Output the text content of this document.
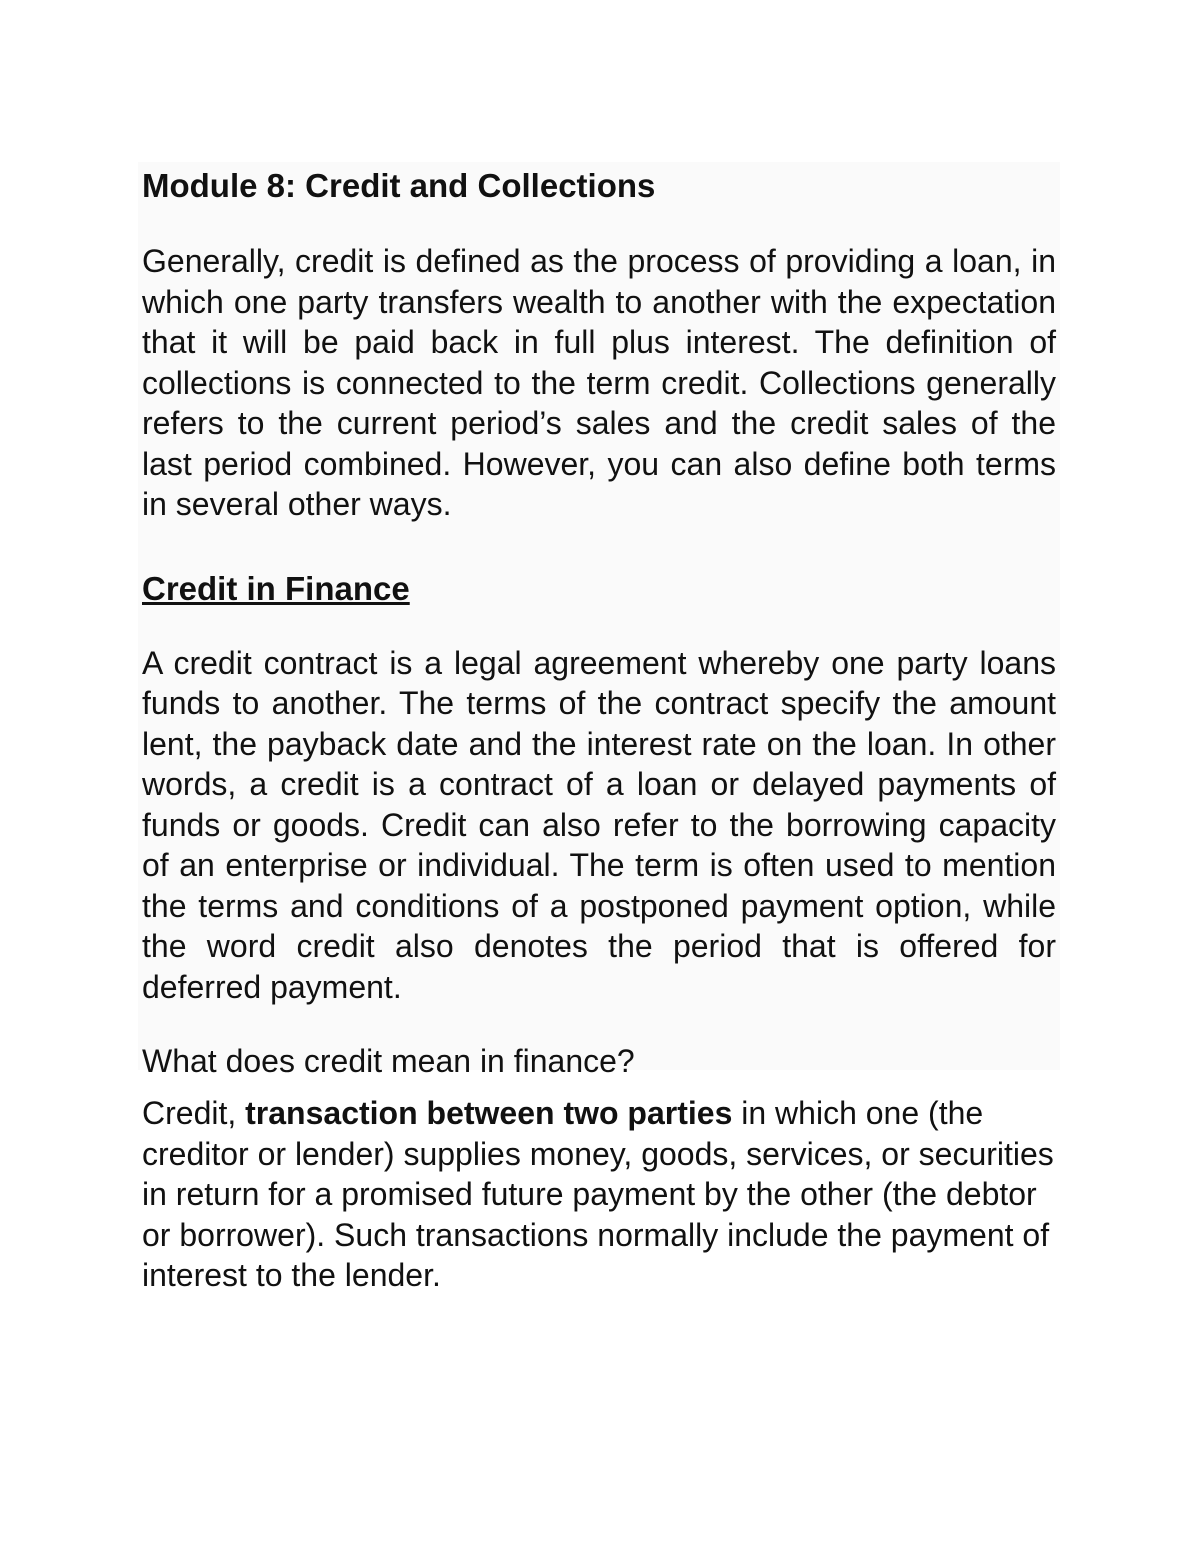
Module 8: Credit and Collections

Generally, credit is defined as the process of providing a loan, in which one party transfers wealth to another with the expectation that it will be paid back in full plus interest. The definition of collections is connected to the term credit. Collections generally refers to the current period’s sales and the credit sales of the last period combined. However, you can also define both terms in several other ways.

Credit in Finance

A credit contract is a legal agreement whereby one party loans funds to another. The terms of the contract specify the amount lent, the payback date and the interest rate on the loan. In other words, a credit is a contract of a loan or delayed payments of funds or goods. Credit can also refer to the borrowing capacity of an enterprise or individual. The term is often used to mention the terms and conditions of a postponed payment option, while the word credit also denotes the period that is offered for deferred payment.

What does credit mean in finance?

Credit, transaction between two parties in which one (the creditor or lender) supplies money, goods, services, or securities in return for a promised future payment by the other (the debtor or borrower). Such transactions normally include the payment of interest to the lender.
